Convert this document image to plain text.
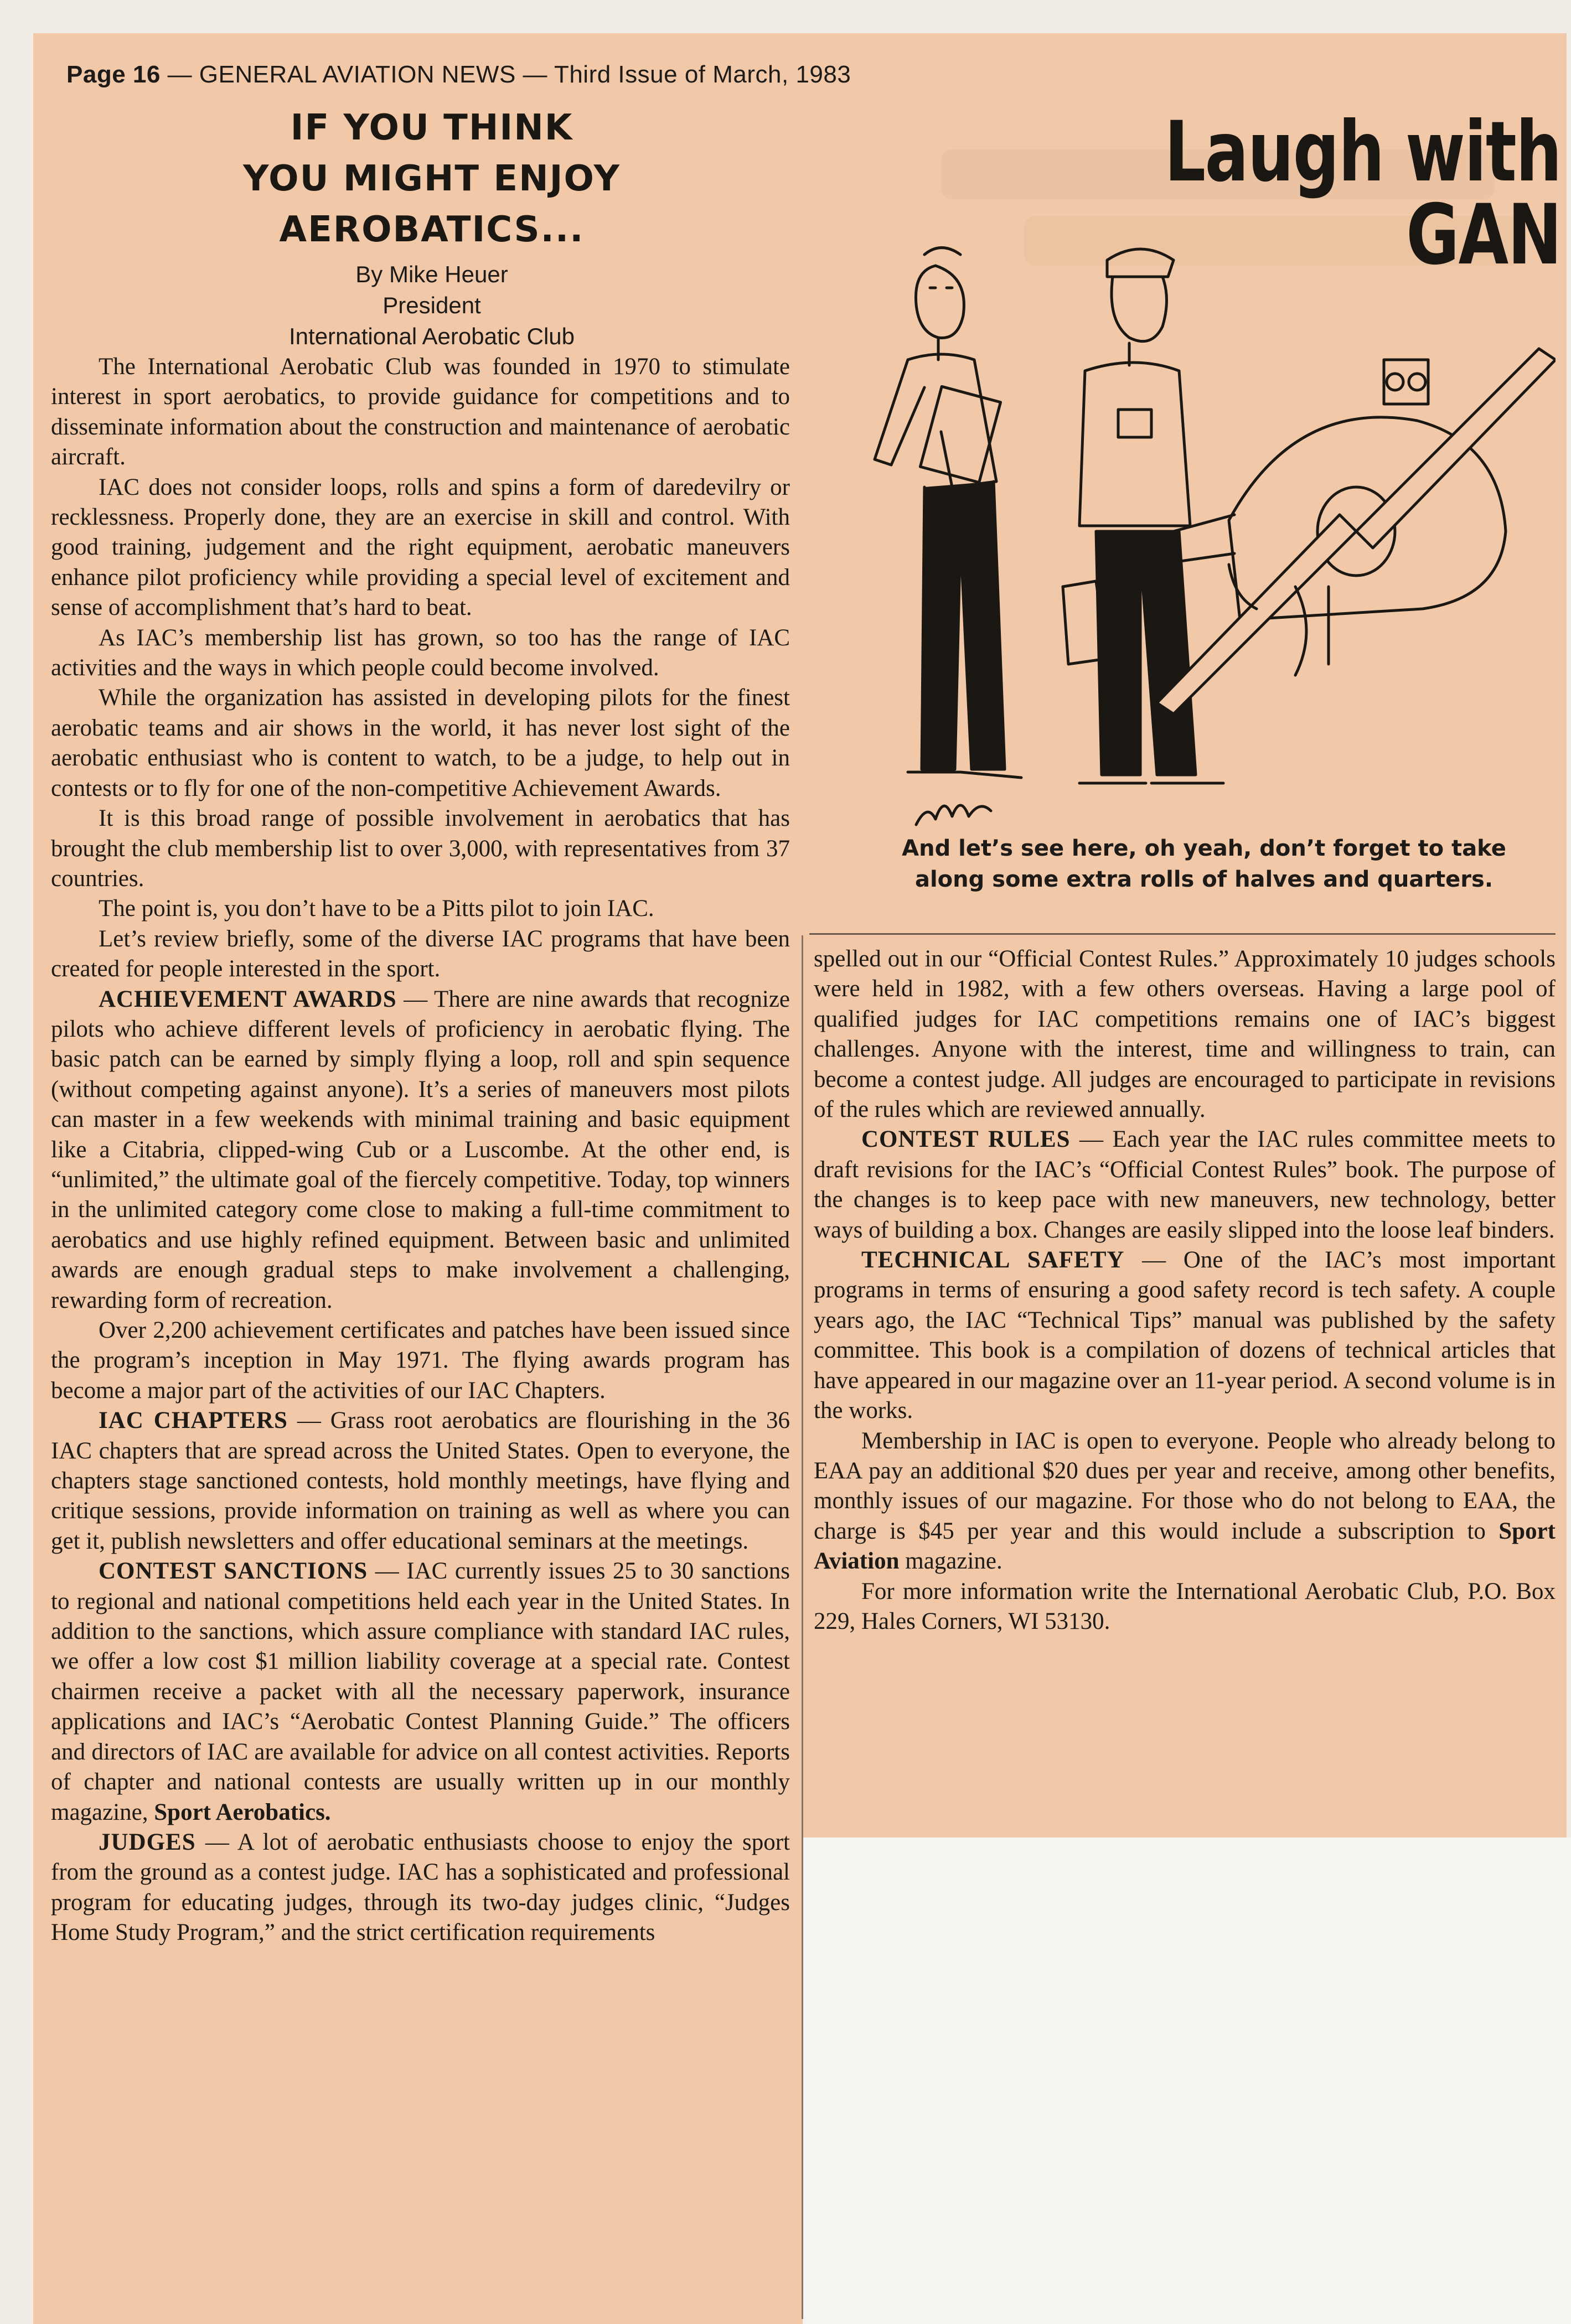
Page 16 — GENERAL AVIATION NEWS — Third Issue of March, 1983
IF YOU THINK
YOU MIGHT ENJOY
AEROBATICS...
By Mike Heuer
President
International Aerobatic Club

The International Aerobatic Club was founded in 1970 to stimulate interest in sport aerobatics, to provide guidance for competitions and to disseminate information about the construction and maintenance of aerobatic aircraft.

IAC does not consider loops, rolls and spins a form of daredevilry or recklessness. Properly done, they are an exercise in skill and control. With good training, judgement and the right equipment, aerobatic maneuvers enhance pilot proficiency while providing a special level of excitement and sense of accomplishment that’s hard to beat.

As IAC’s membership list has grown, so too has the range of IAC activities and the ways in which people could become involved.

While the organization has assisted in developing pilots for the finest aerobatic teams and air shows in the world, it has never lost sight of the aerobatic enthusiast who is content to watch, to be a judge, to help out in contests or to fly for one of the non-competitive Achievement Awards.

It is this broad range of possible involvement in aerobatics that has brought the club membership list to over 3,000, with representatives from 37 countries.

The point is, you don’t have to be a Pitts pilot to join IAC.

Let’s review briefly, some of the diverse IAC programs that have been created for people interested in the sport.

ACHIEVEMENT AWARDS — There are nine awards that recognize pilots who achieve different levels of proficiency in aerobatic flying. The basic patch can be earned by simply flying a loop, roll and spin sequence (without competing against anyone). It’s a series of maneuvers most pilots can master in a few weekends with minimal training and basic equipment like a Citabria, clipped-wing Cub or a Luscombe. At the other end, is “unlimited,” the ultimate goal of the fiercely competitive. Today, top winners in the unlimited category come close to making a full-time commitment to aerobatics and use highly refined equipment. Between basic and unlimited awards are enough gradual steps to make involvement a challenging, rewarding form of recreation.

Over 2,200 achievement certificates and patches have been issued since the program’s inception in May 1971. The flying awards program has become a major part of the activities of our IAC Chapters.

IAC CHAPTERS — Grass root aerobatics are flourishing in the 36 IAC chapters that are spread across the United States. Open to everyone, the chapters stage sanctioned contests, hold monthly meetings, have flying and critique sessions, provide information on training as well as where you can get it, publish newsletters and offer educational seminars at the meetings.

CONTEST SANCTIONS — IAC currently issues 25 to 30 sanctions to regional and national competitions held each year in the United States. In addition to the sanctions, which assure compliance with standard IAC rules, we offer a low cost $1 million liability coverage at a special rate. Contest chairmen receive a packet with all the necessary paperwork, insurance applications and IAC’s “Aerobatic Contest Planning Guide.” The officers and directors of IAC are available for advice on all contest activities. Reports of chapter and national contests are usually written up in our monthly magazine, Sport Aerobatics.

JUDGES — A lot of aerobatic enthusiasts choose to enjoy the sport from the ground as a contest judge. IAC has a sophisticated and professional program for educating judges, through its two-day judges clinic, “Judges Home Study Program,” and the strict certification requirements

spelled out in our “Official Contest Rules.” Approximately 10 judges schools were held in 1982, with a few others overseas. Having a large pool of qualified judges for IAC competitions remains one of IAC’s biggest challenges. Anyone with the interest, time and willingness to train, can become a contest judge. All judges are encouraged to participate in revisions of the rules which are reviewed annually.

CONTEST RULES — Each year the IAC rules committee meets to draft revisions for the IAC’s “Official Contest Rules” book. The purpose of the changes is to keep pace with new maneuvers, new technology, better ways of building a box. Changes are easily slipped into the loose leaf binders.

TECHNICAL SAFETY — One of the IAC’s most important programs in terms of ensuring a good safety record is tech safety. A couple years ago, the IAC “Technical Tips” manual was published by the safety committee. This book is a compilation of dozens of technical articles that have appeared in our magazine over an 11-year period. A second volume is in the works.

Membership in IAC is open to everyone. People who already belong to EAA pay an additional $20 dues per year and receive, among other benefits, monthly issues of our magazine. For those who do not belong to EAA, the charge is $45 per year and this would include a subscription to Sport Aviation magazine.

For more information write the International Aerobatic Club, P.O. Box 229, Hales Corners, WI 53130.

Laugh with GAN
And let’s see here, oh yeah, don’t forget to take
along some extra rolls of halves and quarters.
